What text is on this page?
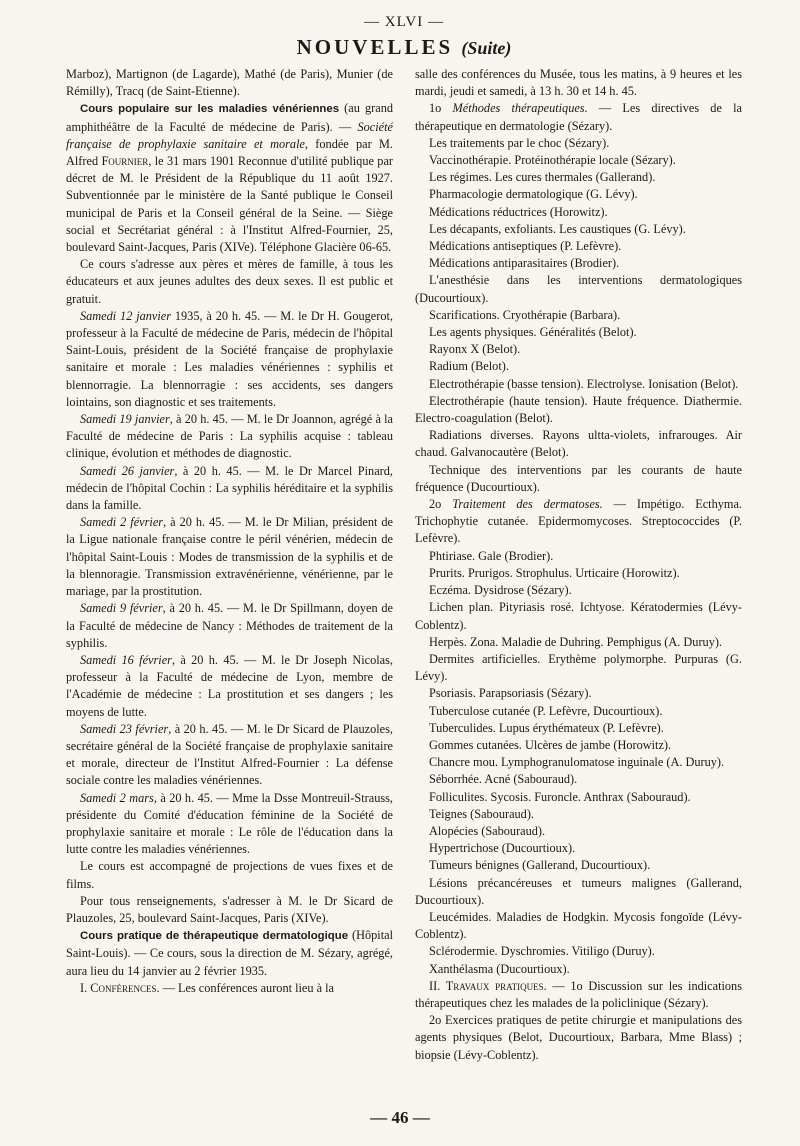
— XLVI —
NOUVELLES (Suite)

Marboz), Martignon (de Lagarde), Mathé (de Paris), Munier (de Rémilly), Tracq (de Saint-Etienne).

Cours populaire sur les maladies vénériennes (au grand amphithéâtre de la Faculté de médecine de Paris). — Société française de prophylaxie sanitaire et morale, fondée par M. Alfred Fournier, le 31 mars 1901 Reconnue d'utilité publique par décret de M. le Président de la République du 11 août 1927. Subventionnée par le ministère de la Santé publique le Conseil municipal de Paris et la Conseil général de la Seine. — Siège social et Secrétariat général : à l'Institut Alfred-Fournier, 25, boulevard Saint-Jacques, Paris (XIVe). Téléphone Glacière 06-65.

Ce cours s'adresse aux pères et mères de famille, à tous les éducateurs et aux jeunes adultes des deux sexes. Il est public et gratuit.

Samedi 12 janvier 1935, à 20 h. 45. — M. le Dr H. Gougerot, professeur à la Faculté de médecine de Paris, médecin de l'hôpital Saint-Louis, président de la Société française de prophylaxie sanitaire et morale : Les maladies vénériennes : syphilis et blennorragie. La blennorragie : ses accidents, ses dangers lointains, son diagnostic et ses traitements.

Samedi 19 janvier, à 20 h. 45. — M. le Dr Joannon, agrégé à la Faculté de médecine de Paris : La syphilis acquise : tableau clinique, évolution et méthodes de diagnostic.

Samedi 26 janvier, à 20 h. 45. — M. le Dr Marcel Pinard, médecin de l'hôpital Cochin : La syphilis héréditaire et la syphilis dans la famille.

Samedi 2 février, à 20 h. 45. — M. le Dr Milian, président de la Ligue nationale française contre le péril vénérien, médecin de l'hôpital Saint-Louis : Modes de transmission de la syphilis et de la blennoragie. Transmission extravénérienne, vénérienne, par le mariage, par la prostitution.

Samedi 9 février, à 20 h. 45. — M. le Dr Spillmann, doyen de la Faculté de médecine de Nancy : Méthodes de traitement de la syphilis.

Samedi 16 février, à 20 h. 45. — M. le Dr Joseph Nicolas, professeur à la Faculté de médecine de Lyon, membre de l'Académie de médecine : La prostitution et ses dangers ; les moyens de lutte.

Samedi 23 février, à 20 h. 45. — M. le Dr Sicard de Plauzoles, secrétaire général de la Société française de prophylaxie sanitaire et morale, directeur de l'Institut Alfred-Fournier : La défense sociale contre les maladies vénériennes.

Samedi 2 mars, à 20 h. 45. — Mme la Dsse Montreuil-Strauss, présidente du Comité d'éducation féminine de la Société de prophylaxie sanitaire et morale : Le rôle de l'éducation dans la lutte contre les maladies vénériennes.

Le cours est accompagné de projections de vues fixes et de films.

Pour tous renseignements, s'adresser à M. le Dr Sicard de Plauzoles, 25, boulevard Saint-Jacques, Paris (XIVe).

Cours pratique de thérapeutique dermatologique (Hôpital Saint-Louis). — Ce cours, sous la direction de M. Sézary, agrégé, aura lieu du 14 janvier au 2 février 1935.

I. Conférences. — Les conférences auront lieu à la

salle des conférences du Musée, tous les matins, à 9 heures et les mardi, jeudi et samedi, à 13 h. 30 et 14 h. 45.

1o Méthodes thérapeutiques. — Les directives de la thérapeutique en dermatologie (Sézary).

Les traitements par le choc (Sézary).

Vaccinothérapie. Protéinothérapie locale (Sézary).

Les régimes. Les cures thermales (Gallerand).

Pharmacologie dermatologique (G. Lévy).

Médications réductrices (Horowitz).

Les décapants, exfoliants. Les caustiques (G. Lévy).

Médications antiseptiques (P. Lefèvre).

Médications antiparasitaires (Brodier).

L'anesthésie dans les interventions dermatologiques (Ducourtioux).

Scarifications. Cryothérapie (Barbara).

Les agents physiques. Généralités (Belot).

Rayonx X (Belot).

Radium (Belot).

Electrothérapie (basse tension). Electrolyse. Ionisation (Belot).

Electrothérapie (haute tension). Haute fréquence. Diathermie. Electro-coagulation (Belot).

Radiations diverses. Rayons ultta-violets, infrarouges. Air chaud. Galvanocautère (Belot).

Technique des interventions par les courants de haute fréquence (Ducourtioux).

2o Traitement des dermatoses. — Impétigo. Ecthyma. Trichophytie cutanée. Epidermomycoses. Streptococcides (P. Lefèvre).

Phtiriase. Gale (Brodier).

Prurits. Prurigos. Strophulus. Urticaire (Horowitz).

Eczéma. Dysidrose (Sézary).

Lichen plan. Pityriasis rosé. Ichtyose. Kératodermies (Lévy-Coblentz).

Herpès. Zona. Maladie de Duhring. Pemphigus (A. Duruy).

Dermites artificielles. Erythème polymorphe. Purpuras (G. Lévy).

Psoriasis. Parapsoriasis (Sézary).

Tuberculose cutanée (P. Lefèvre, Ducourtioux).

Tuberculides. Lupus érythémateux (P. Lefèvre).

Gommes cutanées. Ulcères de jambe (Horowitz).

Chancre mou. Lymphogranulomatose inguinale (A. Duruy).

Séborrhée. Acné (Sabouraud).

Folliculites. Sycosis. Furoncle. Anthrax (Sabouraud).

Teignes (Sabouraud).

Alopécies (Sabouraud).

Hypertrichose (Ducourtioux).

Tumeurs bénignes (Gallerand, Ducourtioux).

Lésions précancéreuses et tumeurs malignes (Gallerand, Ducourtioux).

Leucémides. Maladies de Hodgkin. Mycosis fongoïde (Lévy-Coblentz).

Sclérodermie. Dyschromies. Vitiligo (Duruy).

Xanthélasma (Ducourtioux).

II. Travaux pratiques. — 1o Discussion sur les indications thérapeutiques chez les malades de la policlinique (Sézary).

2o Exercices pratiques de petite chirurgie et manipulations des agents physiques (Belot, Ducourtioux, Barbara, Mme Blass) ; biopsie (Lévy-Coblentz).

— 46 —
